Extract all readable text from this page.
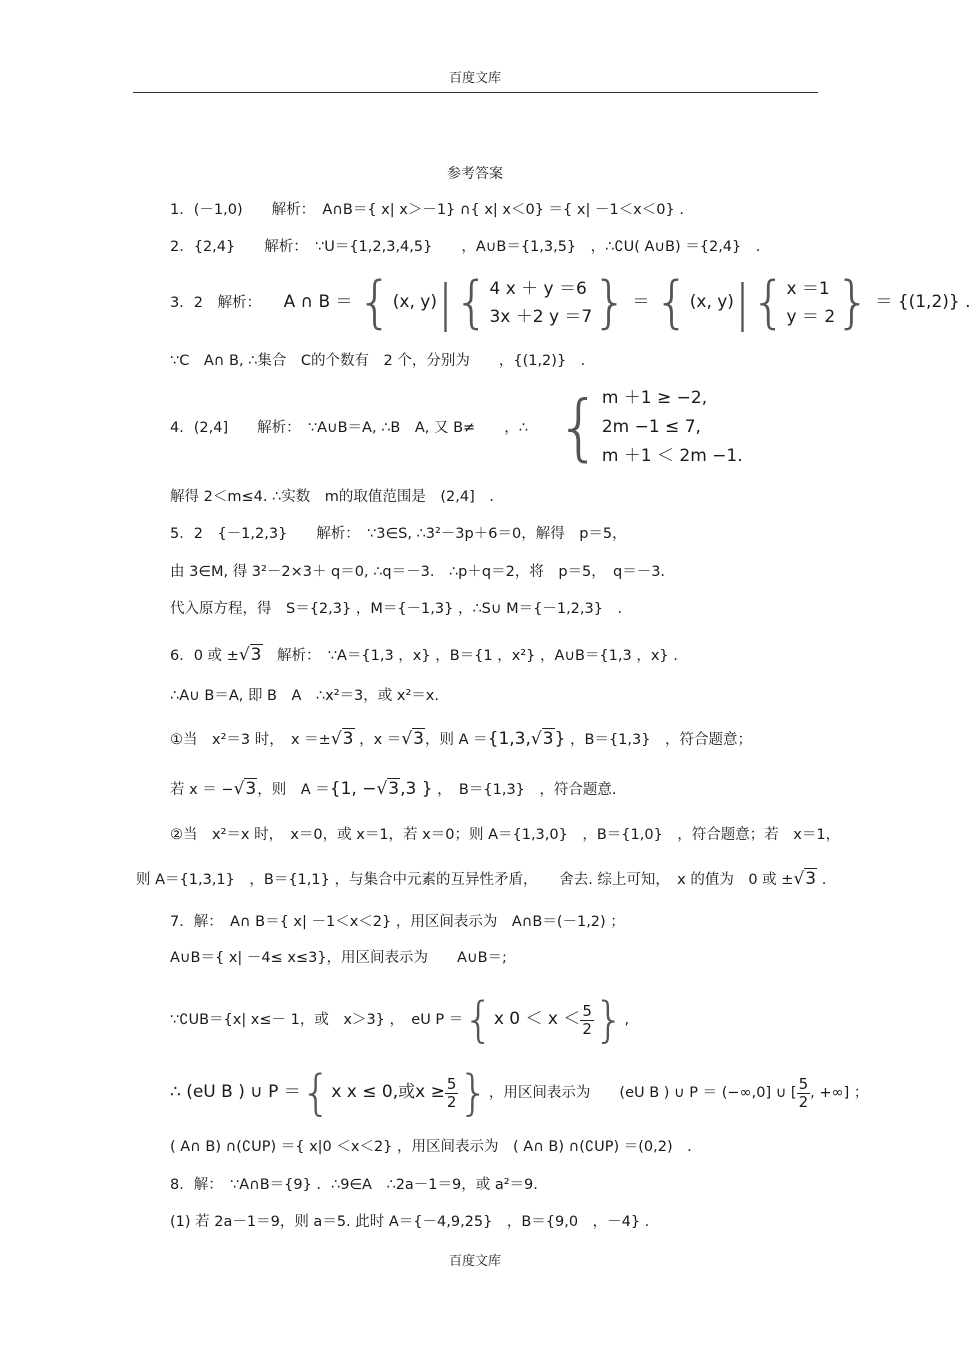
百度文库
参考答案
1．(－1,0)　　解析：　A∩B＝{ x| x＞－1} ∩{ x| x＜0} ＝{ x| －1＜x＜0} .
2．{2,4}　　解析：　∵U＝{1,2,3,4,5}　　，A∪B＝{1,3,5}　，∴∁U( A∪B) ＝{2,4}　.
3．2　解析： A ∩ B ＝ {(x, y)|{ 4 x ＋ y ＝6
3x ＋2 y ＝7 } ＝ {(x, y)|{ x ＝1
y ＝ 2 } ＝ {(1,2)} .
∵C　A∩ B, ∴集合　C的个数有　2 个，分别为　　，{(1,2)}　.
4．(2,4]　　解析：　∵A∪B＝A, ∴B　A, 又 B≠　　，∴ { m ＋1 ≥ −2,
2m −1 ≤ 7,
m ＋1 ＜ 2m −1.
解得 2＜m≤4. ∴实数　m的取值范围是　(2,4]　.
5．2　{－1,2,3}　　解析：　∵3∈S, ∴3²－3p＋6＝0，解得　p＝5，
由 3∈M, 得 3²－2×3＋ q＝0, ∴q＝－3.　∴p＋q＝2，将　p＝5，　q＝－3.
代入原方程，得　S＝{2,3} ，M＝{－1,3} ，∴S∪ M＝{－1,2,3}　.
6．0 或 ±√3　解析：　∵A＝{1,3 ，x} ，B＝{1 ，x²} ，A∪B＝{1,3 ，x} .
∴A∪ B＝A, 即 B　A　∴x²＝3，或 x²＝x.
①当　x²＝3 时，　x ＝±√3 ，x ＝√3，则 A ＝{1,3,√3} ，B＝{1,3}　，符合题意；
若 x ＝ −√3，则　A ＝{1, −√3,3 } ，　B＝{1,3}　，符合题意.
②当　x²＝x 时，　x＝0，或 x＝1，若 x＝0；则 A＝{1,3,0}　，B＝{1,0}　，符合题意；若　x＝1，
则 A＝{1,3,1}　，B＝{1,1} ，与集合中元素的互异性矛盾，　　舍去. 综上可知，　x 的值为　0 或 ±√3 .
7．解：　A∩ B＝{ x| －1＜x＜2} ，用区间表示为　A∩B＝(－1,2) ；
A∪B＝{ x| －4≤ x≤3}，用区间表示为　　A∪B＝;
∵∁UB＝{x| x≤－ 1，或　x＞3} ，　eU P ＝{x $0 < x < \frac{5}{2}$ },
∴ (eU B ) ∪ P ＝{x x ≤ 0,或$x \ge \frac{5}{2}$ }，用区间表示为　　(eU B ) ∪ P ＝ (−∞,0] ∪ [ $\frac{5}{2}$ , +∞] ；
( A∩ B) ∩(∁UP) ＝{ x|0 ＜x＜2} ，用区间表示为　( A∩ B) ∩(∁UP) ＝(0,2)　.
8．解：　∵A∩B＝{9} ．∴9∈A　∴2a－1＝9，或 a²＝9.
(1) 若 2a－1＝9，则 a＝5. 此时 A＝{－4,9,25}　，B＝{9,0　，－4} .
百度文库
